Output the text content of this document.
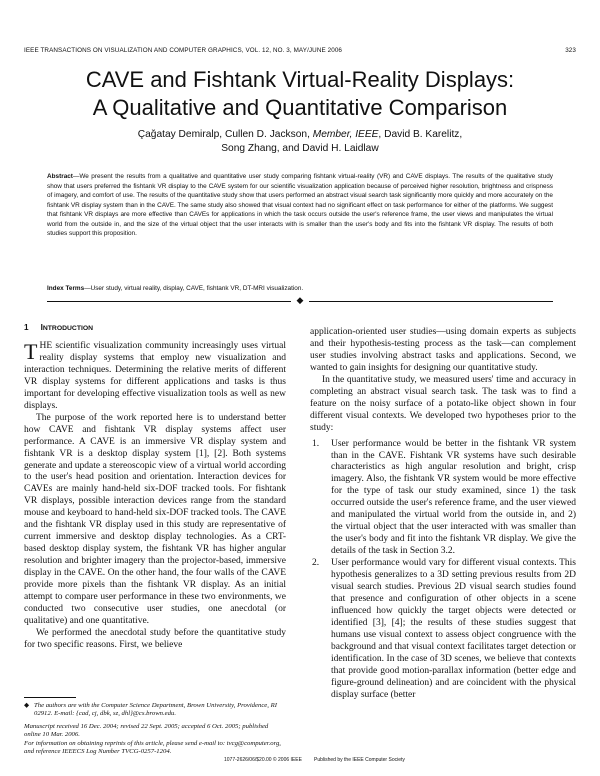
IEEE TRANSACTIONS ON VISUALIZATION AND COMPUTER GRAPHICS, VOL. 12, NO. 3, MAY/JUNE 2006	323
CAVE and Fishtank Virtual-Reality Displays:
A Qualitative and Quantitative Comparison
Çağatay Demiralp, Cullen D. Jackson, Member, IEEE, David B. Karelitz,
Song Zhang, and David H. Laidlaw
Abstract—We present the results from a qualitative and quantitative user study comparing fishtank virtual-reality (VR) and CAVE displays. The results of the qualitative study show that users preferred the fishtank VR display to the CAVE system for our scientific visualization application because of perceived higher resolution, brightness and crispness of imagery, and comfort of use. The results of the quantitative study show that users performed an abstract visual search task significantly more quickly and more accurately on the fishtank VR display system than in the CAVE. The same study also showed that visual context had no significant effect on task performance for either of the platforms. We suggest that fishtank VR displays are more effective than CAVEs for applications in which the task occurs outside the user's reference frame, the user views and manipulates the virtual world from the outside in, and the size of the virtual object that the user interacts with is smaller than the user's body and fits into the fishtank VR display. The results of both studies support this proposition.
Index Terms—User study, virtual reality, display, CAVE, fishtank VR, DT-MRI visualization.
◆
1 INTRODUCTION

THE scientific visualization community increasingly uses virtual reality display systems that employ new visualization and interaction techniques. Determining the relative merits of different VR display systems for different applications and tasks is thus important for developing effective visualization tools as well as new displays.

The purpose of the work reported here is to understand better how CAVE and fishtank VR display systems affect user performance. A CAVE is an immersive VR display system and fishtank VR is a desktop display system [1], [2]. Both systems generate and update a stereoscopic view of a virtual world according to the user's head position and orientation. Interaction devices for CAVEs are mainly hand-held six-DOF tracked tools. For fishtank VR displays, possible interaction devices range from the standard mouse and keyboard to hand-held six-DOF tracked tools. The CAVE and the fishtank VR display used in this study are representative of current immersive and desktop display technologies. As a CRT-based desktop display system, the fishtank VR has higher angular resolution and brighter imagery than the projector-based, immersive display in the CAVE. On the other hand, the four walls of the CAVE provide more pixels than the fishtank VR display. As an initial attempt to compare user performance in these two environments, we conducted two consecutive user studies, one anecdotal (or qualitative) and one quantitative.

We performed the anecdotal study before the quantitative study for two specific reasons. First, we believe

◆ The authors are with the Computer Science Department, Brown University, Providence, RI 02912. E-mail: {cad, cj, dbk, sz, dhl}@cs.brown.edu.

Manuscript received 16 Dec. 2004; revised 22 Sept. 2005; accepted 6 Oct. 2005; published online 10 Mar. 2006.

For information on obtaining reprints of this article, please send e-mail to: tvcg@computer.org, and reference IEEECS Log Number TVCG-0257-1204.

application-oriented user studies—using domain experts as subjects and their hypothesis-testing process as the task—can complement user studies involving abstract tasks and applications. Second, we wanted to gain insights for designing our quantitative study.

In the quantitative study, we measured users' time and accuracy in completing an abstract visual search task. The task was to find a feature on the noisy surface of a potato-like object shown in four different visual contexts. We developed two hypotheses prior to the study:

1. User performance would be better in the fishtank VR system than in the CAVE. Fishtank VR systems have such desirable characteristics as high angular resolution and bright, crisp imagery. Also, the fishtank VR system would be more effective for the type of task our study examined, since 1) the task occurred outside the user's reference frame, and the user viewed and manipulated the virtual world from the outside in, and 2) the virtual object that the user interacted with was smaller than the user's body and fit into the fishtank VR display. We give the details of the task in Section 3.2.
2. User performance would vary for different visual contexts. This hypothesis generalizes to a 3D setting previous results from 2D visual search studies. Previous 2D visual search studies found that presence and configuration of other objects in a scene influenced how quickly the target objects were detected or identified [3], [4]; the results of these studies suggest that humans use visual context to assess object congruence with the background and that visual context facilitates target detection or identification. In the case of 3D scenes, we believe that contexts that provide good motion-parallax information (better edge and figure-ground delineation) and are coincident with the physical display surface (better
1077-2626/06/$20.00 © 2006 IEEE Published by the IEEE Computer Society
